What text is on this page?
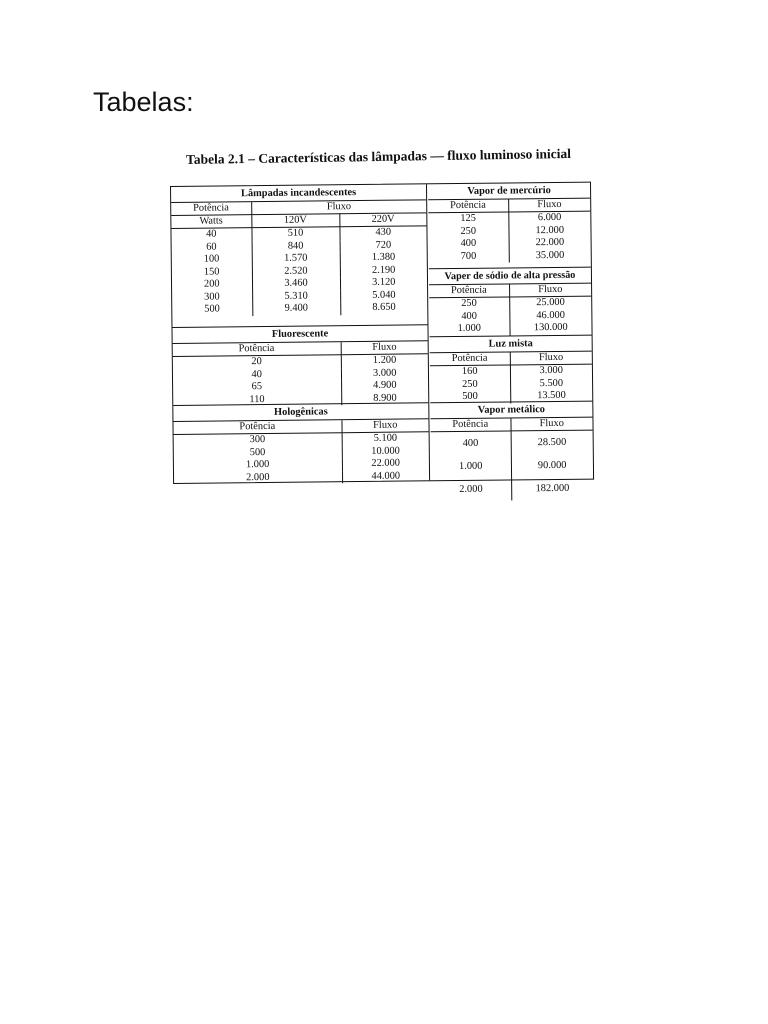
Tabelas:
Tabela 2.1 – Características das lâmpadas — fluxo luminoso inicial
Lâmpadas incandescentes
Potência	Fluxo	
Watts	120V	220V
40	510	430
60	840	720
100	1.570	1.380
150	2.520	2.190
200	3.460	3.120
300	5.310	5.040
500	9.400	8.650
Fluorescente
Potência	Fluxo
20	1.200
40	3.000
65	4.900
110	8.900
Hologênicas
Potência	Fluxo
300	5.100
500	10.000
1.000	22.000
2.000	44.000
Vapor de mercúrio
Potência	Fluxo
125	6.000
250	12.000
400	22.000
700	35.000
Vaper de sódio de alta pressão
Potência	Fluxo
250	25.000
400	46.000
1.000	130.000
Luz mista
Potência	Fluxo
160	3.000
250	5.500
500	13.500
Vapor metálico
Potência	Fluxo
400	28.500
1.000	90.000
2.000	182.000
